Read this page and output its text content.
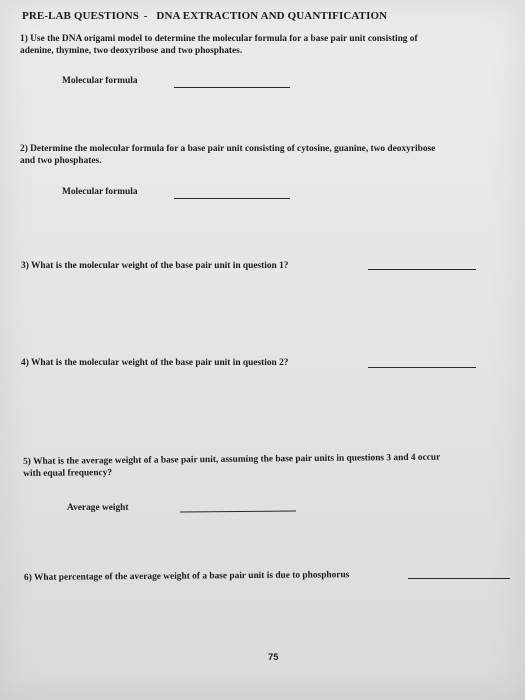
PRE-LAB QUESTIONS - DNA EXTRACTION AND QUANTIFICATION
1) Use the DNA origami model to determine the molecular formula for a base pair unit consisting of
adenine, thymine, two deoxyribose and two phosphates.
Molecular formula
2) Determine the molecular formula for a base pair unit consisting of cytosine, guanine, two deoxyribose
and two phosphates.
Molecular formula
3) What is the molecular weight of the base pair unit in question 1?
4) What is the molecular weight of the base pair unit in question 2?
5) What is the average weight of a base pair unit, assuming the base pair units in questions 3 and 4 occur
with equal frequency?
Average weight
6) What percentage of the average weight of a base pair unit is due to phosphorus
75
